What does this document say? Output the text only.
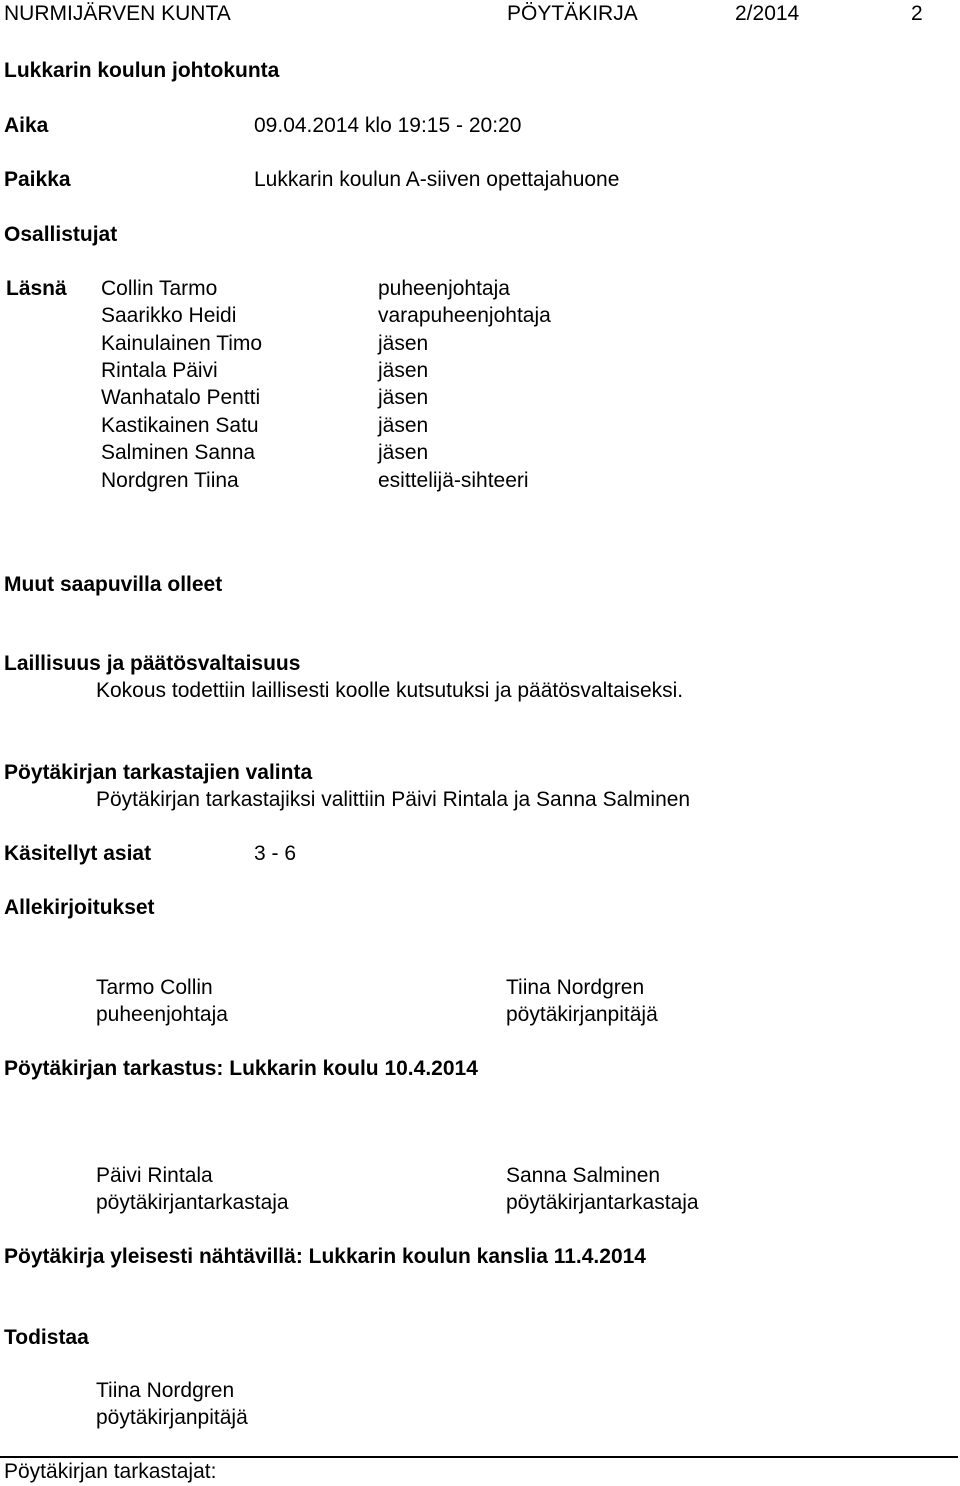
NURMIJÄRVEN KUNTA	PÖYTÄKIRJA	2/2014	2
Lukkarin koulun johtokunta
Aika	09.04.2014 klo 19:15 - 20:20
Paikka	Lukkarin koulun A-siiven opettajahuone
Osallistujat
Läsnä Collin Tarmo	puheenjohtaja
Saarikko Heidi	varapuheenjohtaja
Kainulainen Timo	jäsen
Rintala Päivi	jäsen
Wanhatalo Pentti	jäsen
Kastikainen Satu	jäsen
Salminen Sanna	jäsen
Nordgren Tiina	esittelijä-sihteeri
Muut saapuvilla olleet
Laillisuus ja päätösvaltaisuus
Kokous todettiin laillisesti koolle kutsutuksi ja päätösvaltaiseksi.
Pöytäkirjan tarkastajien valinta
Pöytäkirjan tarkastajiksi valittiin Päivi Rintala ja Sanna Salminen
Käsitellyt asiat	3 - 6
Allekirjoitukset
Tarmo Collin
puheenjohtaja
Tiina Nordgren
pöytäkirjanpitäjä
Pöytäkirjan tarkastus: Lukkarin koulu 10.4.2014
Päivi Rintala
pöytäkirjantarkastaja
Sanna Salminen
pöytäkirjantarkastaja
Pöytäkirja yleisesti nähtävillä: Lukkarin koulun kanslia 11.4.2014
Todistaa
Tiina Nordgren
pöytäkirjanpitäjä
Pöytäkirjan tarkastajat:
